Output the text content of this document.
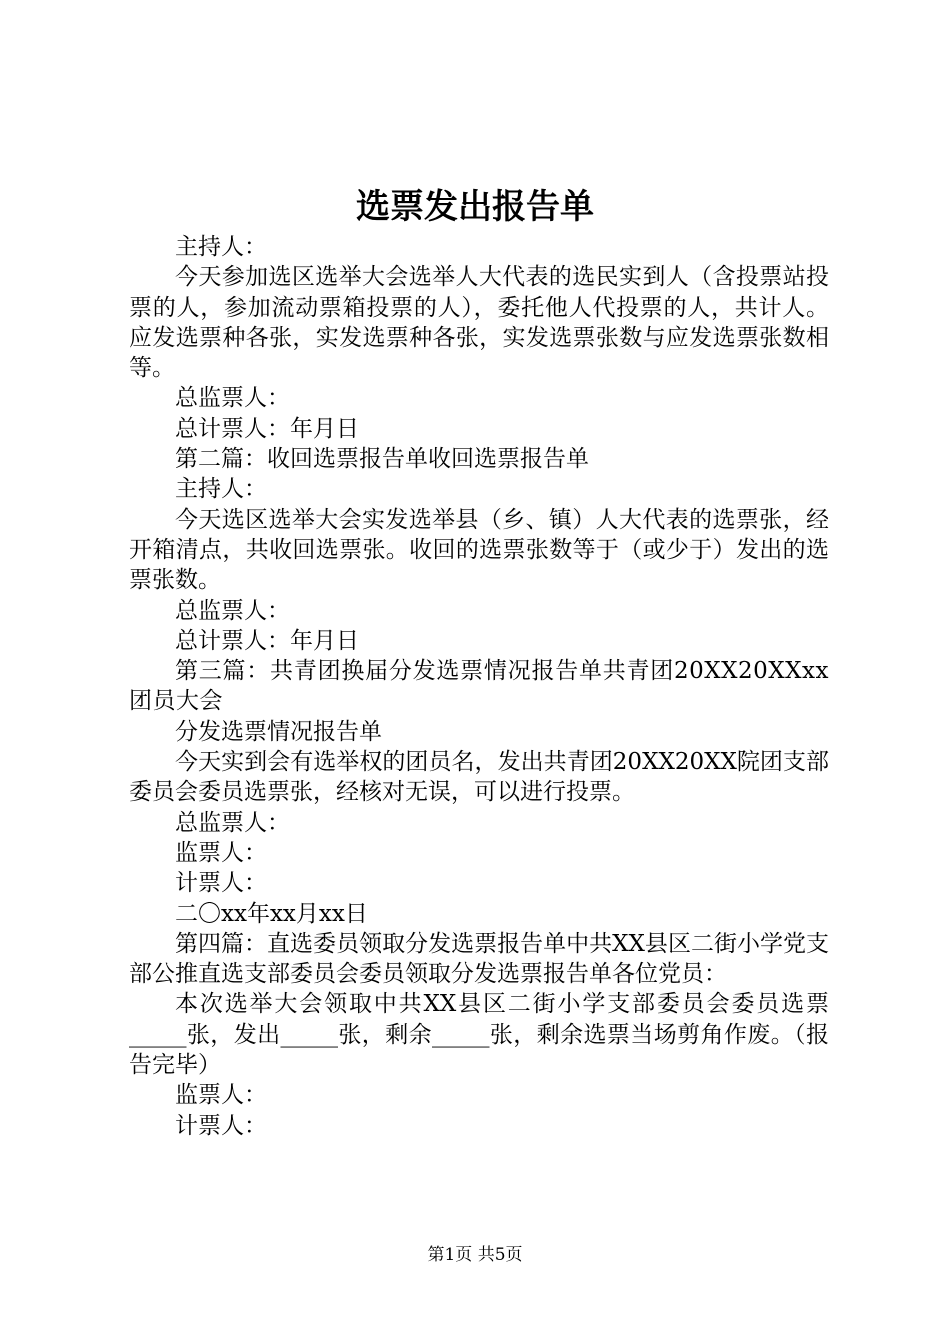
选票发出报告单

主持人：

今天参加选区选举大会选举人大代表的选民实到人（含投票站投票的人，参加流动票箱投票的人），委托他人代投票的人，共计人。应发选票种各张，实发选票种各张，实发选票张数与应发选票张数相等。

总监票人：

总计票人：年月日

第二篇：收回选票报告单收回选票报告单

主持人：

今天选区选举大会实发选举县（乡、镇）人大代表的选票张，经开箱清点，共收回选票张。收回的选票张数等于（或少于）发出的选票张数。

总监票人：

总计票人：年月日

第三篇：共青团换届分发选票情况报告单共青团20XX20XXxx团员大会

分发选票情况报告单

今天实到会有选举权的团员名，发出共青团20XX20XX院团支部委员会委员选票张，经核对无误，可以进行投票。

总监票人：

监票人：

计票人：

二〇xx年xx月xx日

第四篇：直选委员领取分发选票报告单中共XX县区二街小学党支部公推直选支部委员会委员领取分发选票报告单各位党员：

本次选举大会领取中共XX县区二街小学支部委员会委员选票_____张，发出_____张，剩余_____张，剩余选票当场剪角作废。（报告完毕）

监票人：

计票人：

第1页 共5页
